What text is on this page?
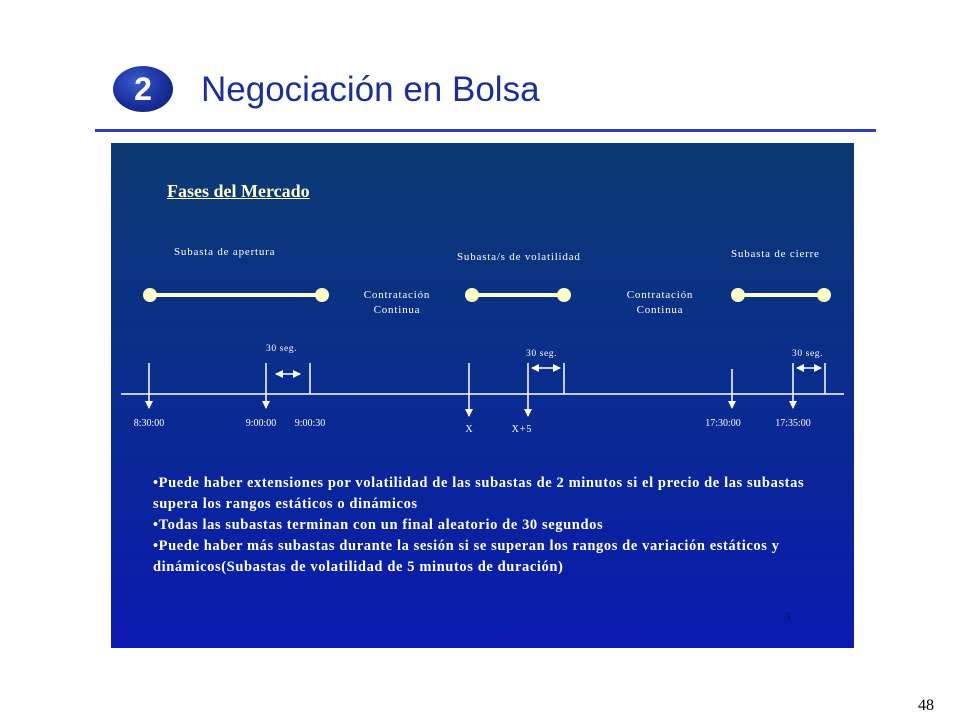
2	Negociación en Bolsa
Fases del Mercado
Subasta de apertura	Subasta/s de volatilidad	Subasta de cierre
Contratación
Continua
Contratación
Continua
30 seg.	30 seg.	30 seg.
8:30:00	9:00:00 9:00:30
X	X+5
17:30:00	17:35:00

•Puede haber extensiones por volatilidad de las subastas de 2 minutos si el precio de las subastas supera los rangos estáticos o dinámicos

•Todas las subastas terminan con un final aleatorio de 30 segundos

•Puede haber más subastas durante la sesión si se superan los rangos de variación estáticos y dinámicos(Subastas de volatilidad de 5 minutos de duración)

3
48
